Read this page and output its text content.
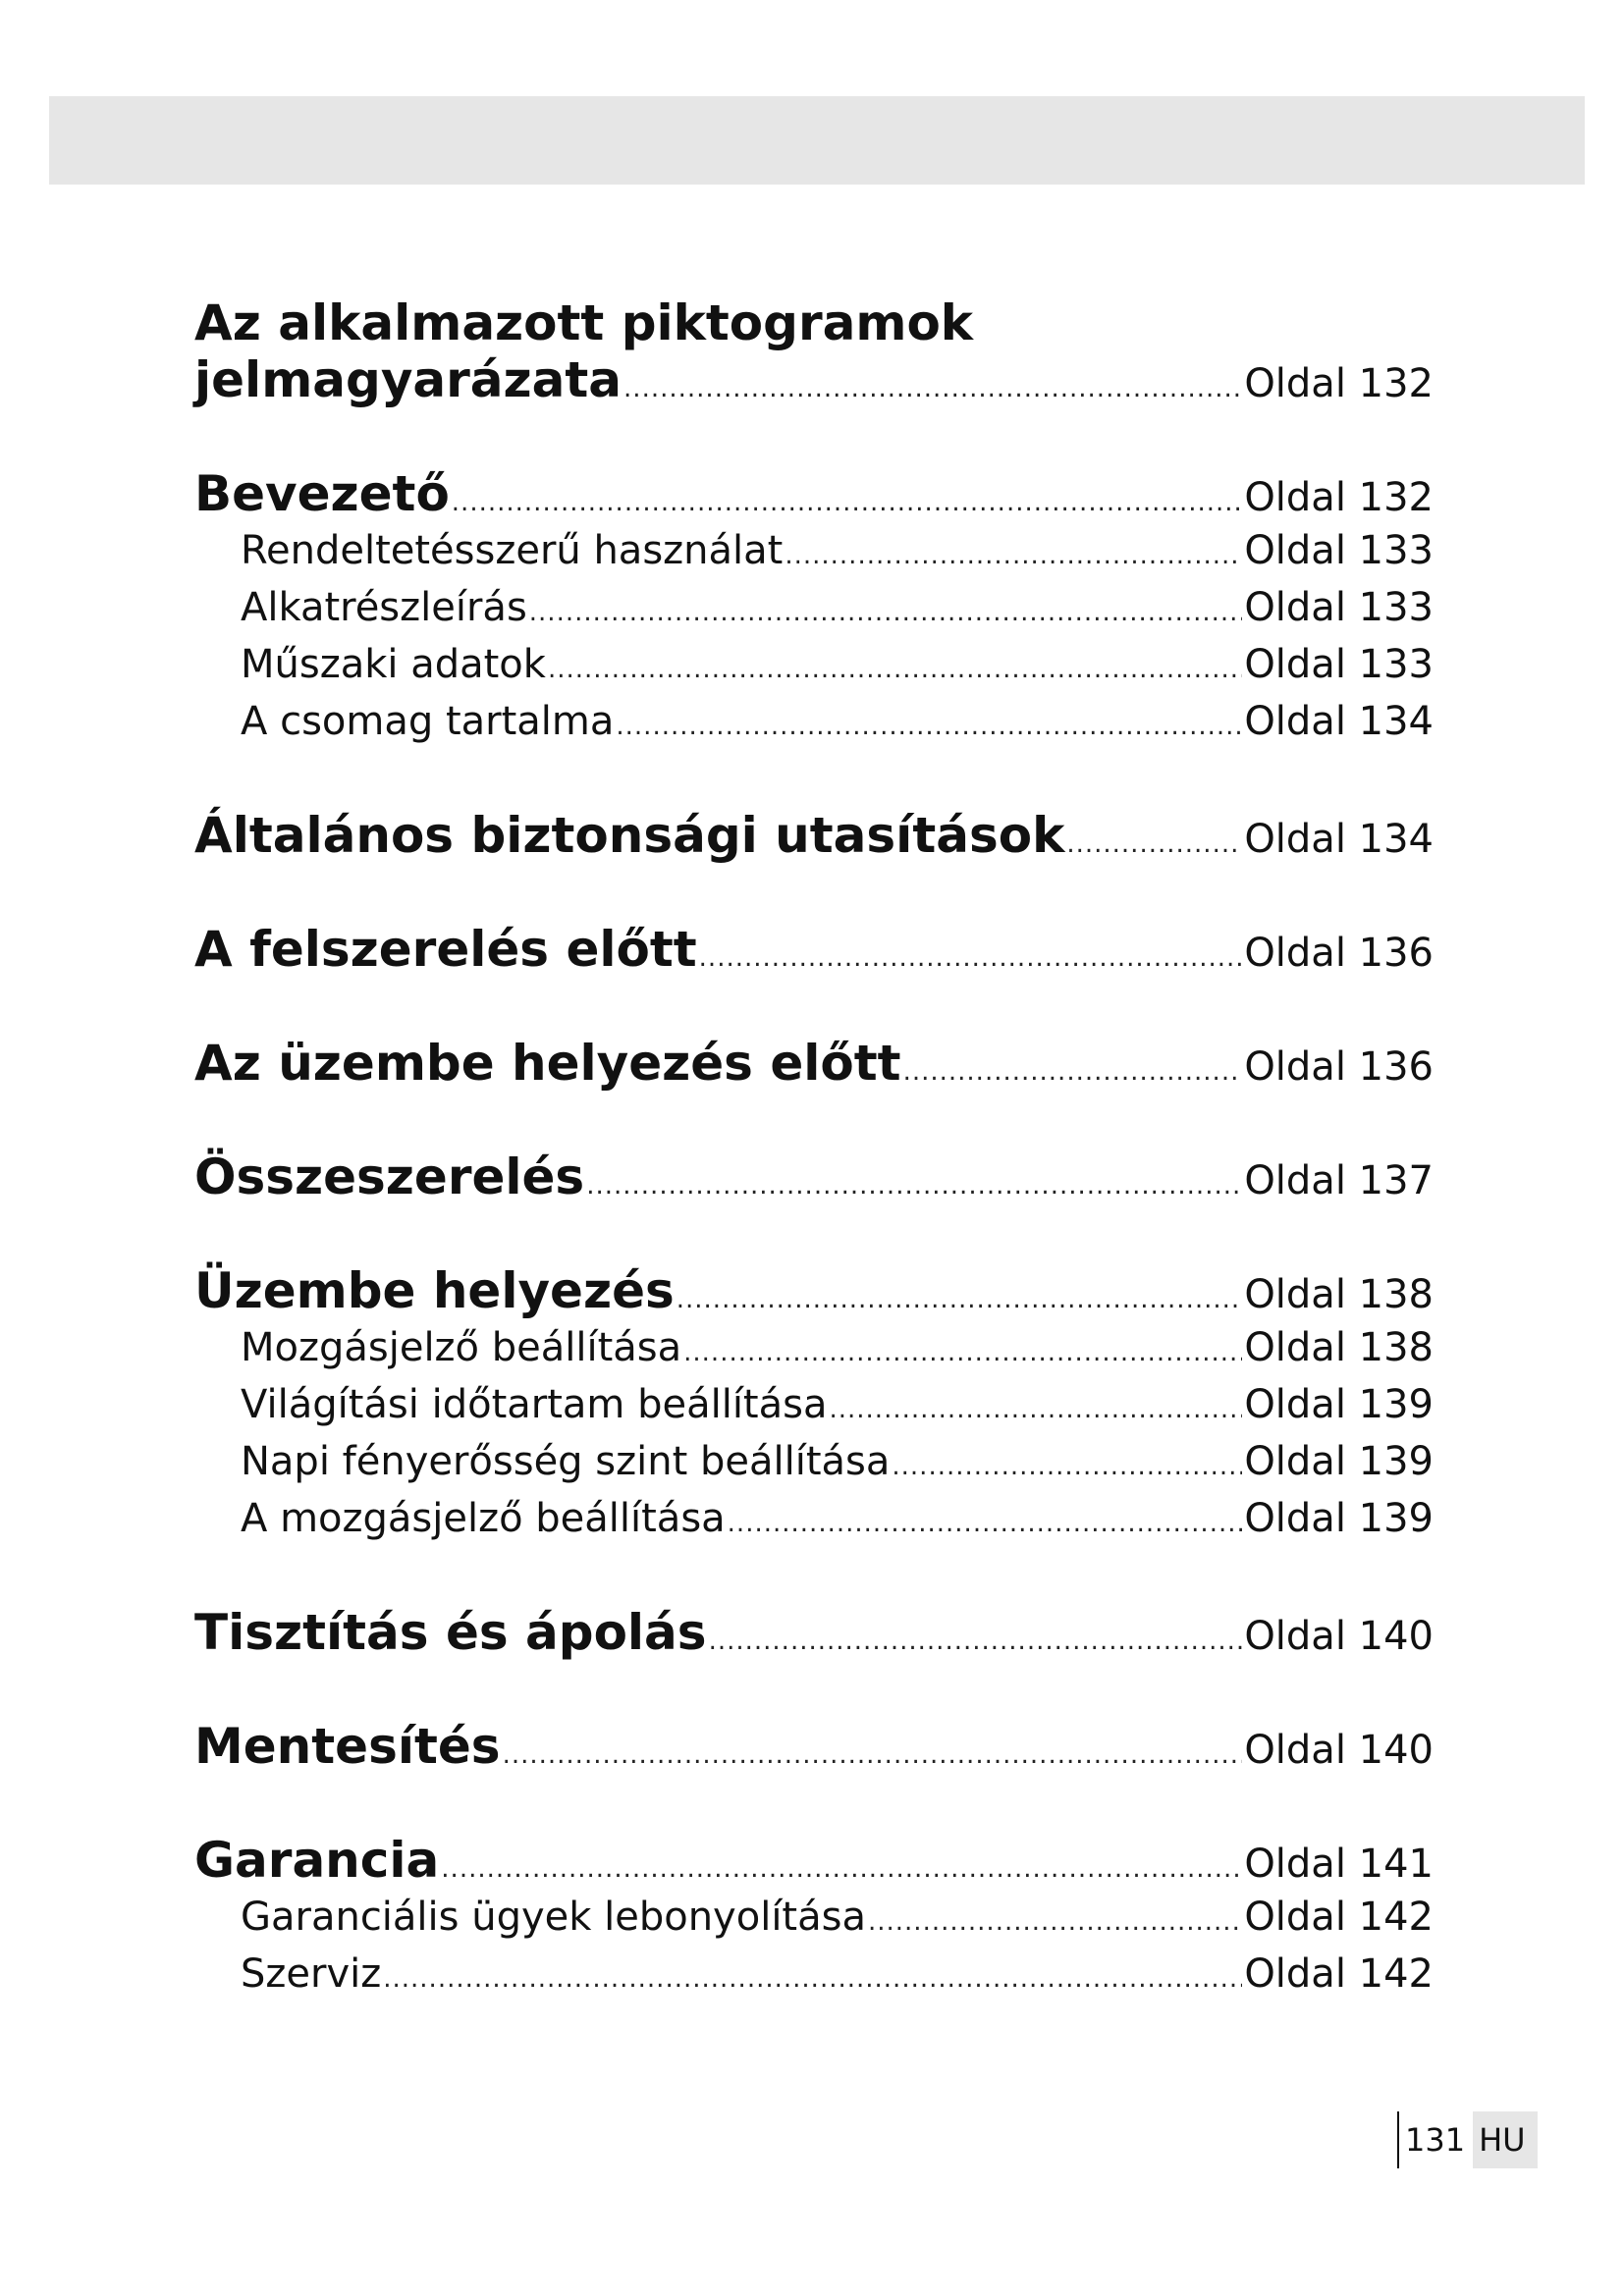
Az alkalmazott piktogramok
jelmagyarázata .....	Oldal 132
Bevezető .....	Oldal 132
Rendeltetésszerű használat .....	Oldal 133
Alkatrészleírás .....	Oldal 133
Műszaki adatok .....	Oldal 133
A csomag tartalma .....	Oldal 134
Általános biztonsági utasítások .....	Oldal 134
A felszerelés előtt .....	Oldal 136
Az üzembe helyezés előtt .....	Oldal 136
Összeszerelés .....	Oldal 137
Üzembe helyezés .....	Oldal 138
Mozgásjelző beállítása .....	Oldal 138
Világítási időtartam beállítása .....	Oldal 139
Napi fényerősség szint beállítása .....	Oldal 139
A mozgásjelző beállítása .....	Oldal 139
Tisztítás és ápolás .....	Oldal 140
Mentesítés .....	Oldal 140
Garancia .....	Oldal 141
Garanciális ügyek lebonyolítása .....	Oldal 142
Szerviz .....	Oldal 142
131 HU
